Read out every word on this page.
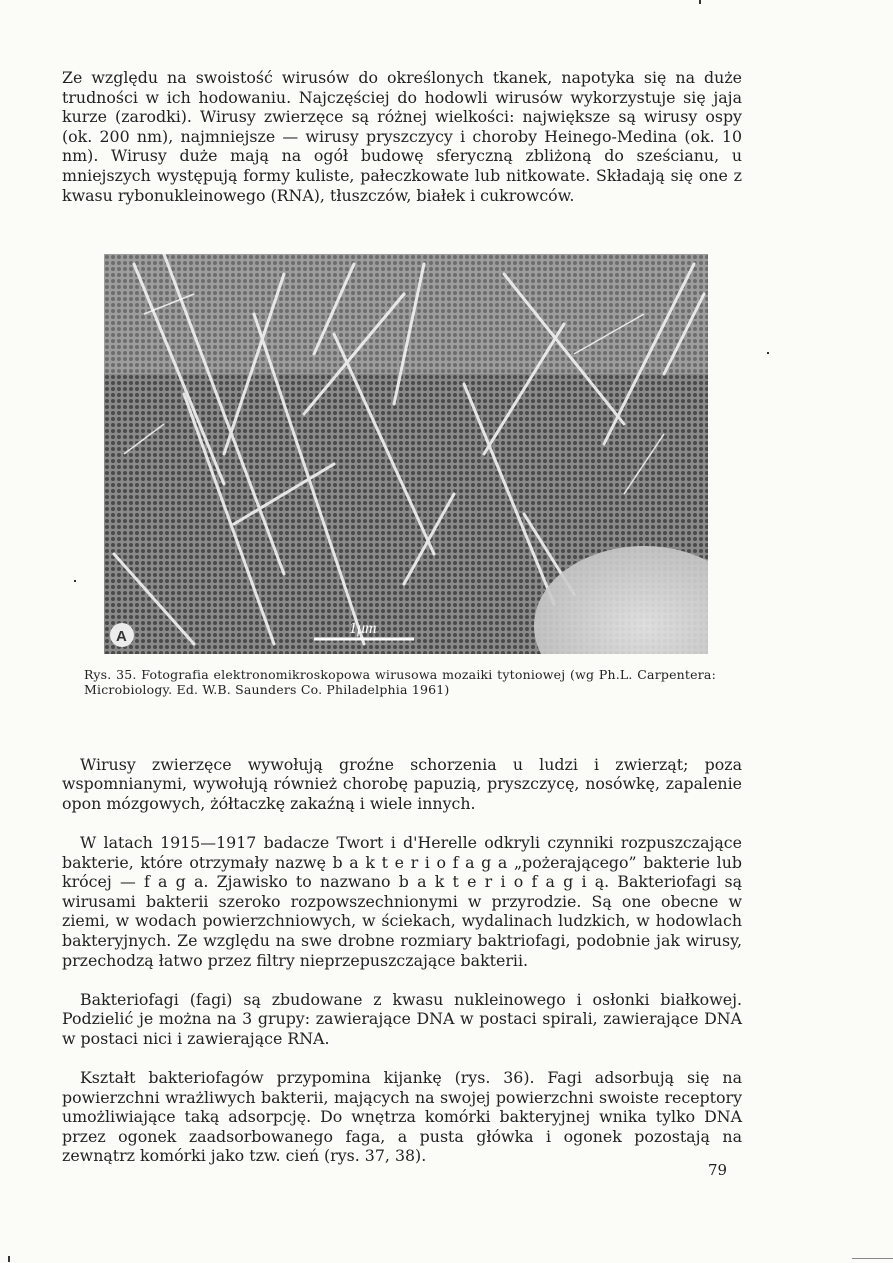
Ze względu na swoistość wirusów do określonych tkanek, napotyka się na duże trudności w ich hodowaniu. Najczęściej do hodowli wirusów wykorzystuje się jaja kurze (zarodki). Wirusy zwierzęce są różnej wielkości: największe są wirusy ospy (ok. 200 nm), najmniejsze — wirusy pryszczycy i choroby Heinego-Medina (ok. 10 nm). Wirusy duże mają na ogół budowę sferyczną zbliżoną do sześcianu, u mniejszych występują formy kuliste, pałeczkowate lub nitkowate. Składają się one z kwasu rybonukleinowego (RNA), tłuszczów, białek i cukrowców.

1μm
A
Rys. 35. Fotografia elektronomikroskopowa wirusowa mozaiki tytoniowej (wg Ph.L. Carpentera: Microbiology. Ed. W.B. Saunders Co. Philadelphia 1961)

Wirusy zwierzęce wywołują groźne schorzenia u ludzi i zwierząt; poza wspomnianymi, wywołują również chorobę papuzią, pryszczycę, nosówkę, zapalenie opon mózgowych, żółtaczkę zakaźną i wiele innych.

W latach 1915—1917 badacze Twort i d'Herelle odkryli czynniki rozpuszczające bakterie, które otrzymały nazwę b a k t e r i o f a g a „pożerającego” bakterie lub krócej — f a g a. Zjawisko to nazwano b a k t e r i o f a g i ą. Bakteriofagi są wirusami bakterii szeroko rozpowszechnionymi w przyrodzie. Są one obecne w ziemi, w wodach powierzchniowych, w ściekach, wydalinach ludzkich, w hodowlach bakteryjnych. Ze względu na swe drobne rozmiary baktriofagi, podobnie jak wirusy, przechodzą łatwo przez filtry nieprzepuszczające bakterii.

Bakteriofagi (fagi) są zbudowane z kwasu nukleinowego i osłonki białkowej. Podzielić je można na 3 grupy: zawierające DNA w postaci spirali, zawierające DNA w postaci nici i zawierające RNA.

Kształt bakteriofagów przypomina kijankę (rys. 36). Fagi adsorbują się na powierzchni wrażliwych bakterii, mających na swojej powierzchni swoiste receptory umożliwiające taką adsorpcję. Do wnętrza komórki bakteryjnej wnika tylko DNA przez ogonek zaadsorbowanego faga, a pusta główka i ogonek pozostają na zewnątrz komórki jako tzw. cień (rys. 37, 38).

79
